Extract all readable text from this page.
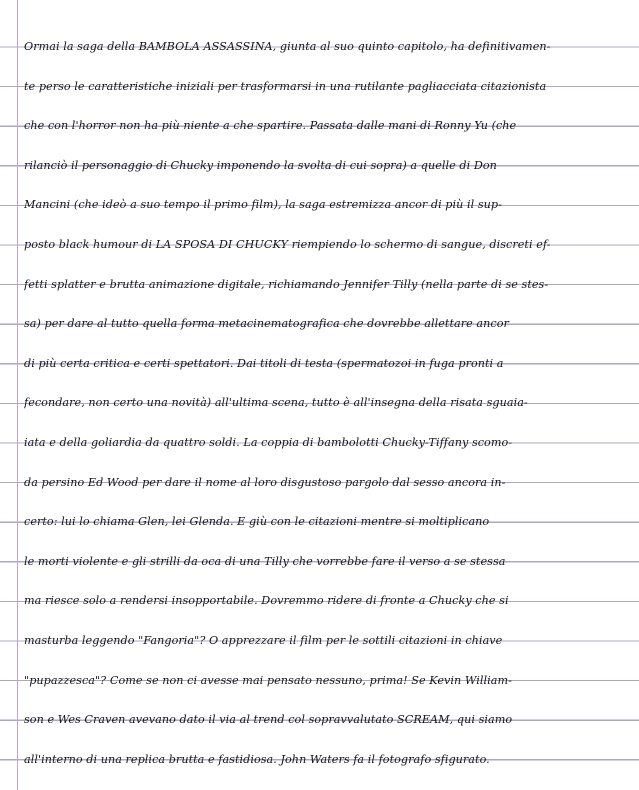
Ormai la saga della BAMBOLA ASSASSINA, giunta al suo quinto capitolo, ha definitivamen-
te perso le caratteristiche iniziali per trasformarsi in una rutilante pagliacciata citazionista
che con l'horror non ha più niente a che spartire. Passata dalle mani di Ronny Yu (che
rilanciò il personaggio di Chucky imponendo la svolta di cui sopra) a quelle di Don
Mancini (che ideò a suo tempo il primo film), la saga estremizza ancor di più il sup-
posto black humour di LA SPOSA DI CHUCKY riempiendo lo schermo di sangue, discreti ef-
fetti splatter e brutta animazione digitale, richiamando Jennifer Tilly (nella parte di se stes-
sa) per dare al tutto quella forma metacinematografica che dovrebbe allettare ancor
di più certa critica e certi spettatori. Dai titoli di testa (spermatozoi in fuga pronti a
fecondare, non certo una novità) all'ultima scena, tutto è all'insegna della risata sguaia-
iata e della goliardia da quattro soldi. La coppia di bambolotti Chucky-Tiffany scomo-
da persino Ed Wood per dare il nome al loro disgustoso pargolo dal sesso ancora in-
certo: lui lo chiama Glen, lei Glenda. E giù con le citazioni mentre si moltiplicano
le morti violente e gli strilli da oca di una Tilly che vorrebbe fare il verso a se stessa
ma riesce solo a rendersi insopportabile. Dovremmo ridere di fronte a Chucky che si
masturba leggendo "Fangoria"? O apprezzare il film per le sottili citazioni in chiave
"pupazzesca"? Come se non ci avesse mai pensato nessuno, prima! Se Kevin William-
son e Wes Craven avevano dato il via al trend col sopravvalutato SCREAM, qui siamo
all'interno di una replica brutta e fastidiosa. John Waters fa il fotografo sfigurato.
